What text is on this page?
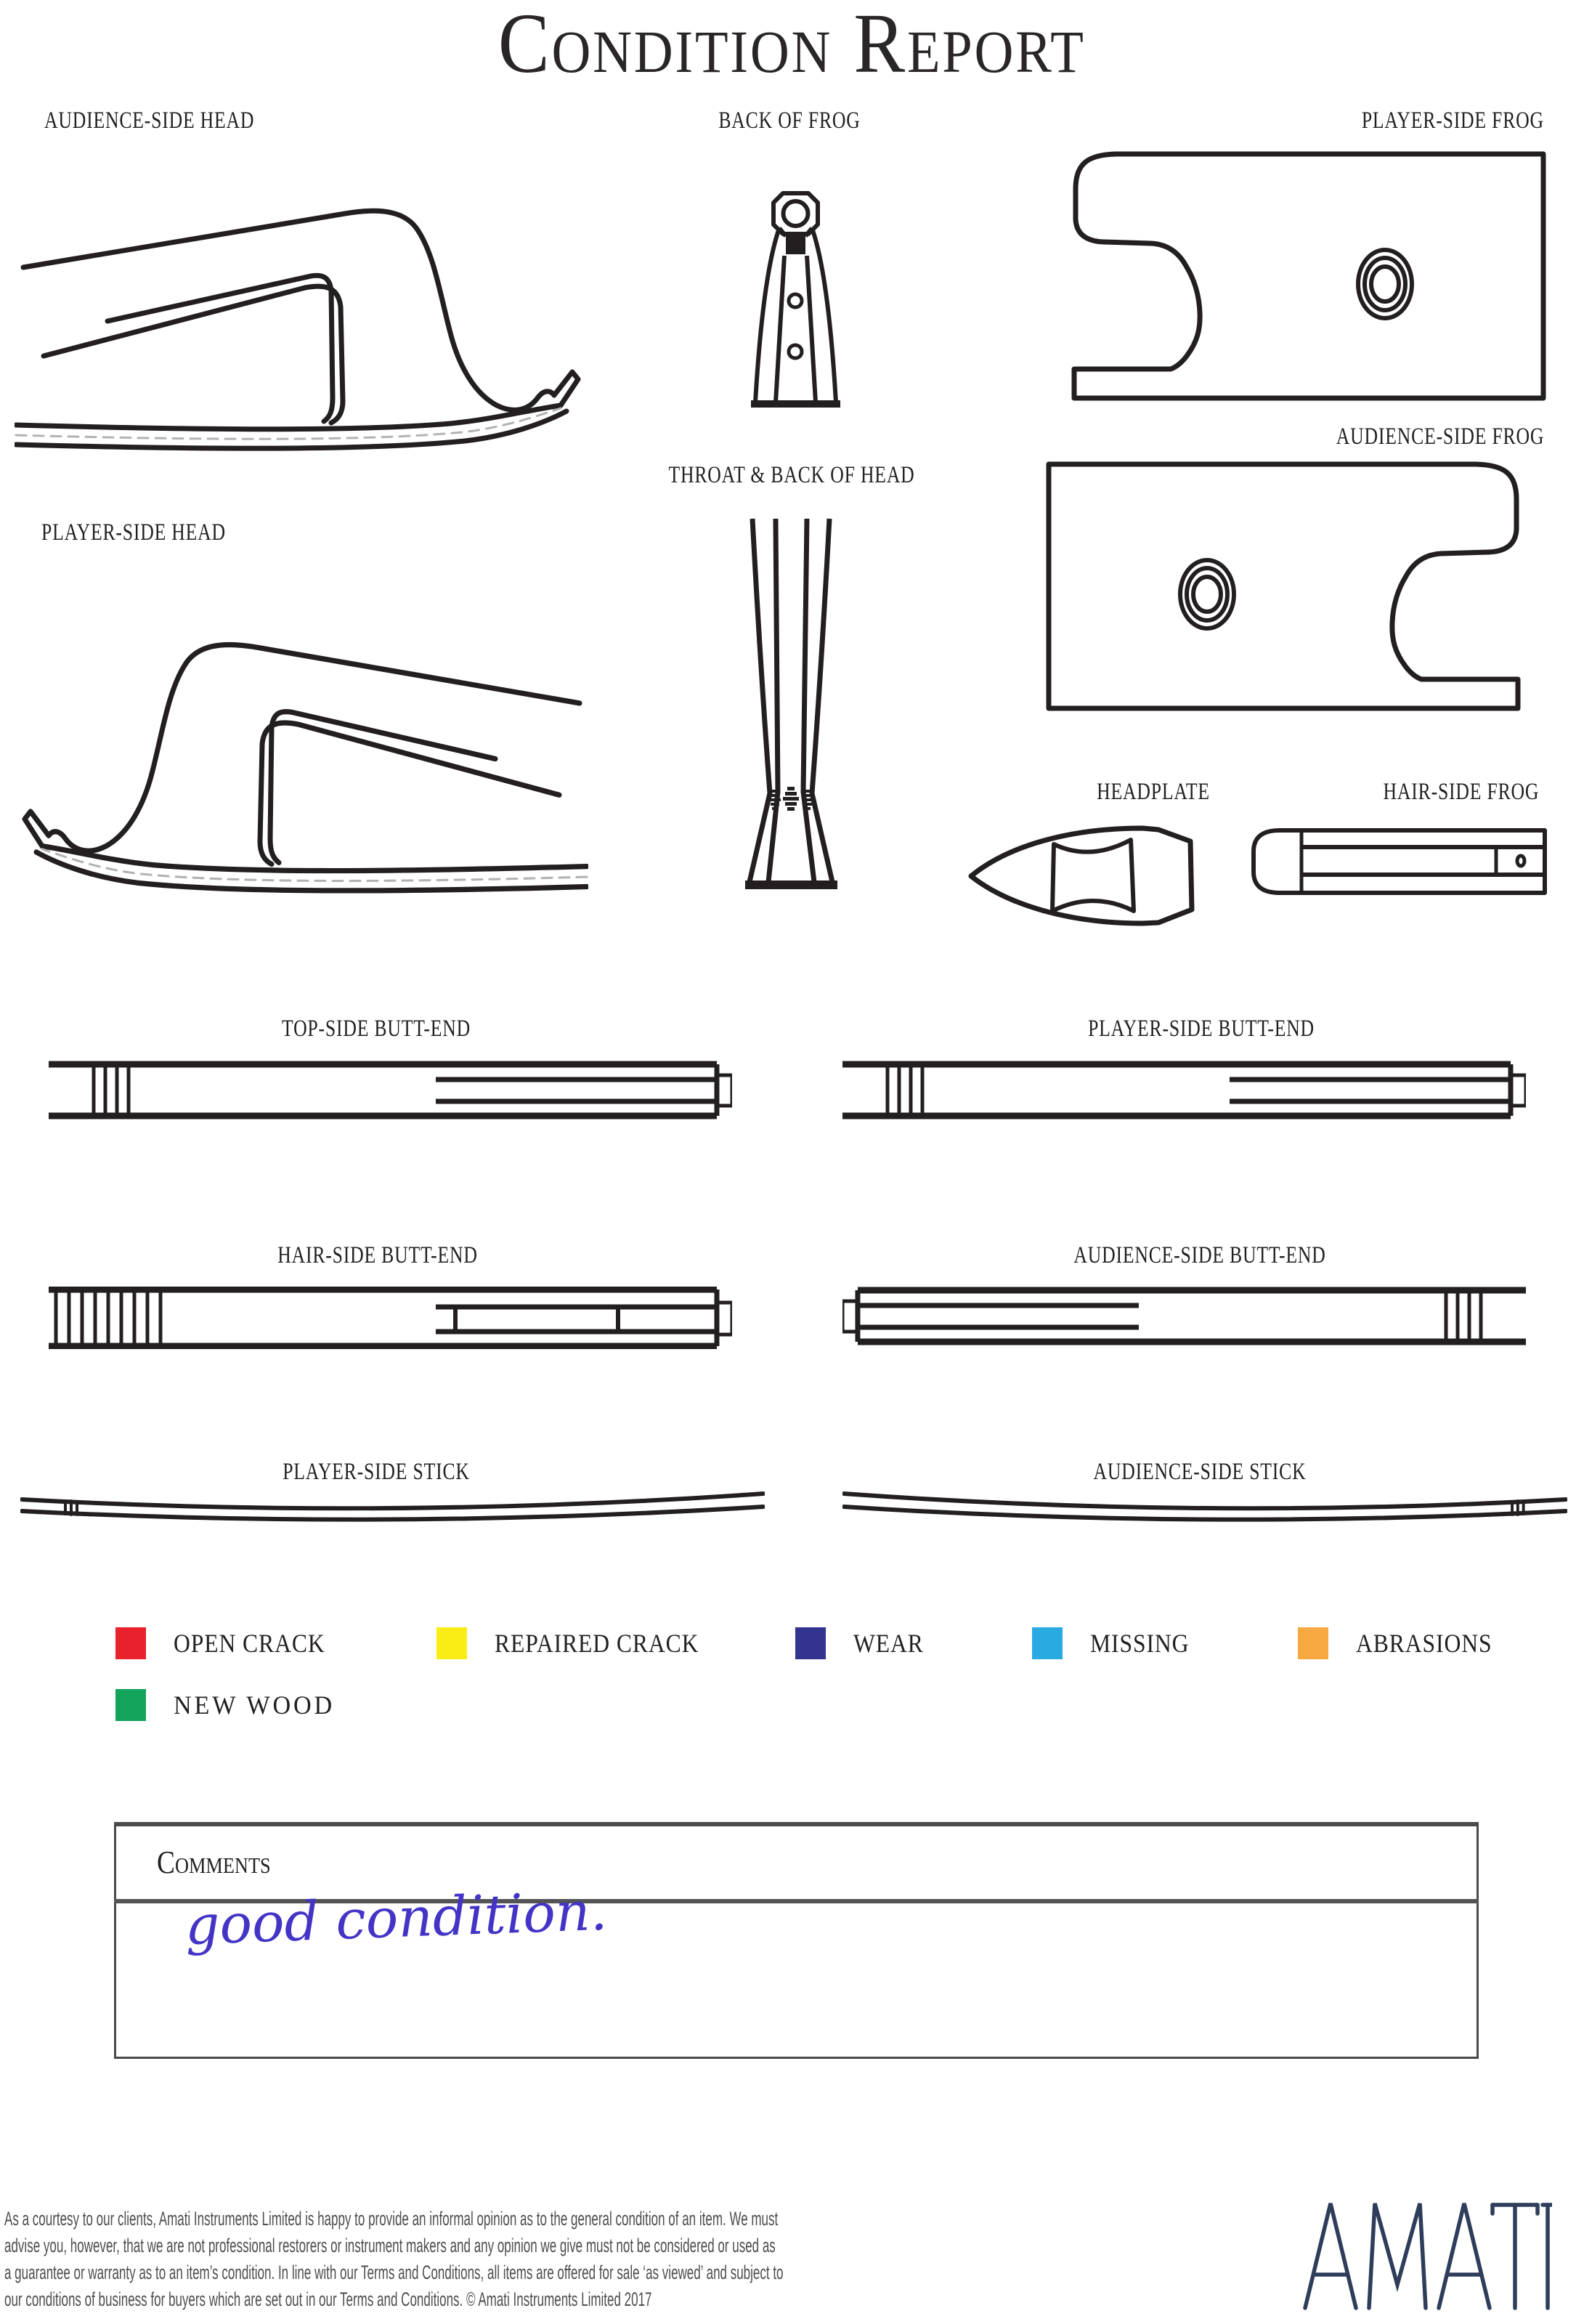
Condition Report
AUDIENCE-SIDE HEAD	BACK OF FROG	PLAYER-SIDE FROG
AUDIENCE-SIDE FROG
PLAYER-SIDE HEAD
THROAT & BACK OF HEAD
HEADPLATE	HAIR-SIDE FROG
TOP-SIDE BUTT-END	PLAYER-SIDE BUTT-END
HAIR-SIDE BUTT-END	AUDIENCE-SIDE BUTT-END
PLAYER-SIDE STICK	AUDIENCE-SIDE STICK
OPEN CRACK	REPAIRED CRACK	WEAR	MISSING	ABRASIONS
NEW WOOD
Comments
good condition.
As a courtesy to our clients, Amati Instruments Limited is happy to provide an informal opinion as to the general condition of an item. We must
advise you, however, that we are not professional restorers or instrument makers and any opinion we give must not be considered or used as
a guarantee or warranty as to an item’s condition. In line with our Terms and Conditions, all items are offered for sale ‘as viewed’ and subject to
our conditions of business for buyers which are set out in our Terms and Conditions. © Amati Instruments Limited 2017
